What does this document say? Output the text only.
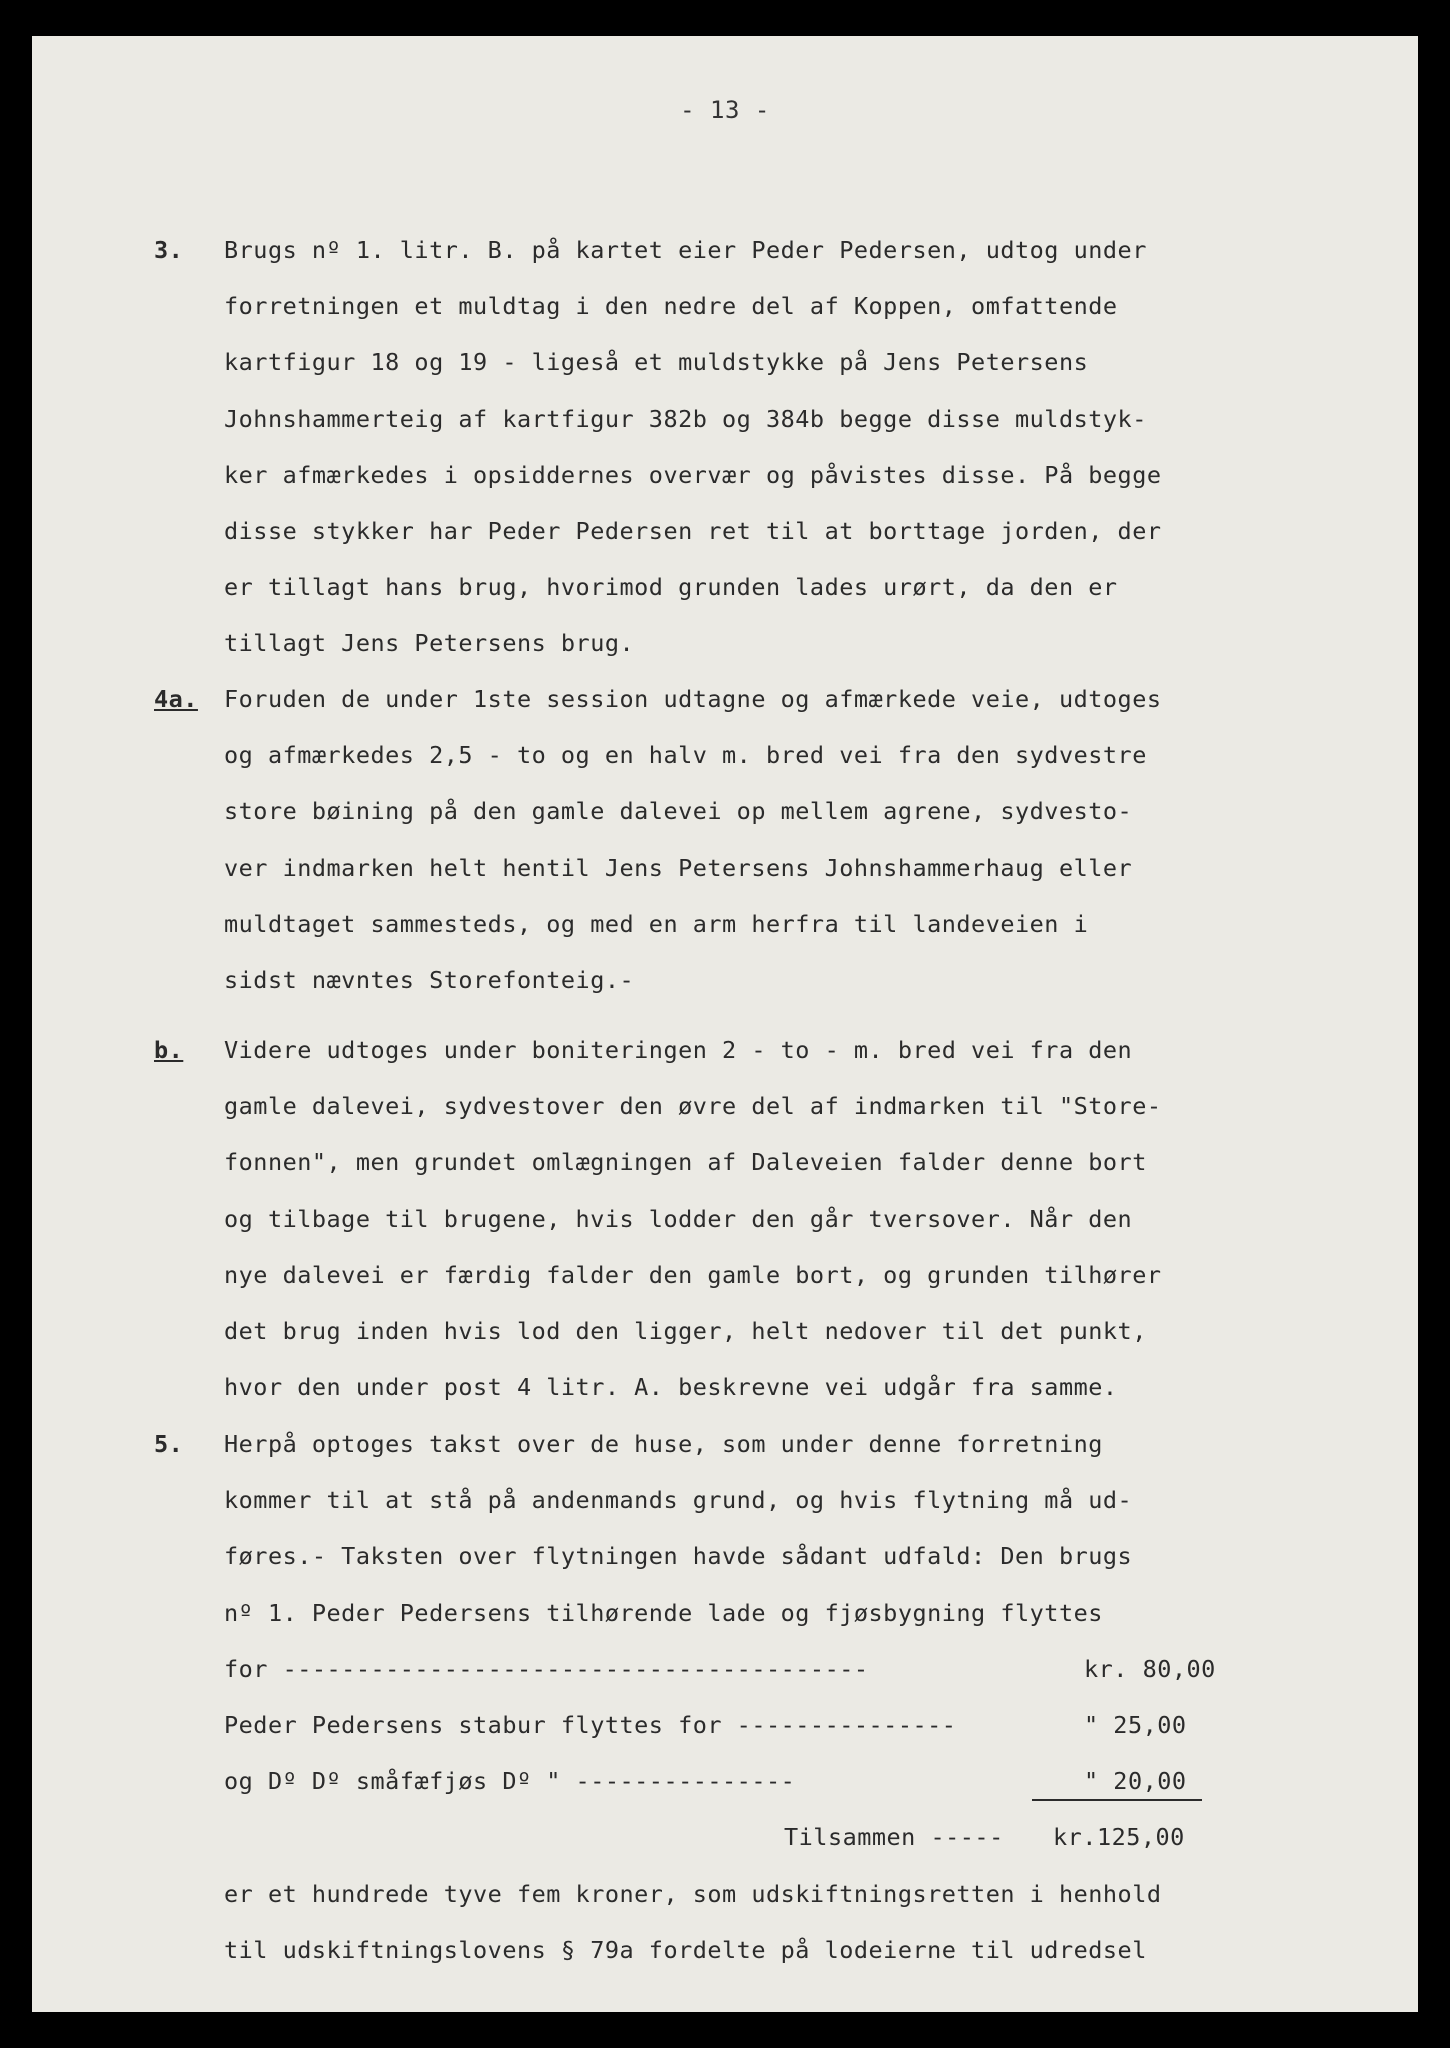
- 13 -
3. Brugs nº 1. litr. B. på kartet eier Peder Pedersen, udtog under
forretningen et muldtag i den nedre del af Koppen, omfattende
kartfigur 18 og 19 - ligeså et muldstykke på Jens Petersens
Johnshammerteig af kartfigur 382b og 384b begge disse muldstyk-
ker afmærkedes i opsiddernes overvær og påvistes disse. På begge
disse stykker har Peder Pedersen ret til at borttage jorden, der
er tillagt hans brug, hvorimod grunden lades urørt, da den er
tillagt Jens Petersens brug.
4a. Foruden de under 1ste session udtagne og afmærkede veie, udtoges
og afmærkedes 2,5 - to og en halv m. bred vei fra den sydvestre
store bøining på den gamle dalevei op mellem agrene, sydvesto-
ver indmarken helt hentil Jens Petersens Johnshammerhaug eller
muldtaget sammesteds, og med en arm herfra til landeveien i
sidst nævntes Storefonteig.-
b. Videre udtoges under boniteringen 2 - to - m. bred vei fra den
gamle dalevei, sydvestover den øvre del af indmarken til "Store-
fonnen", men grundet omlægningen af Daleveien falder denne bort
og tilbage til brugene, hvis lodder den går tversover. Når den
nye dalevei er færdig falder den gamle bort, og grunden tilhører
det brug inden hvis lod den ligger, helt nedover til det punkt,
hvor den under post 4 litr. A. beskrevne vei udgår fra samme.
5. Herpå optoges takst over de huse, som under denne forretning
kommer til at stå på andenmands grund, og hvis flytning må ud-
føres.- Taksten over flytningen havde sådant udfald: Den brugs
nº 1. Peder Pedersens tilhørende lade og fjøsbygning flyttes
for ----------------------------------------	kr. 80,00
Peder Pedersens stabur flyttes for ---------------	" 25,00
og Dº Dº småfæfjøs Dº " ---------------	" 20,00
Tilsammen ----- kr.125,00
er et hundrede tyve fem kroner, som udskiftningsretten i henhold
til udskiftningslovens § 79a fordelte på lodeierne til udredsel
